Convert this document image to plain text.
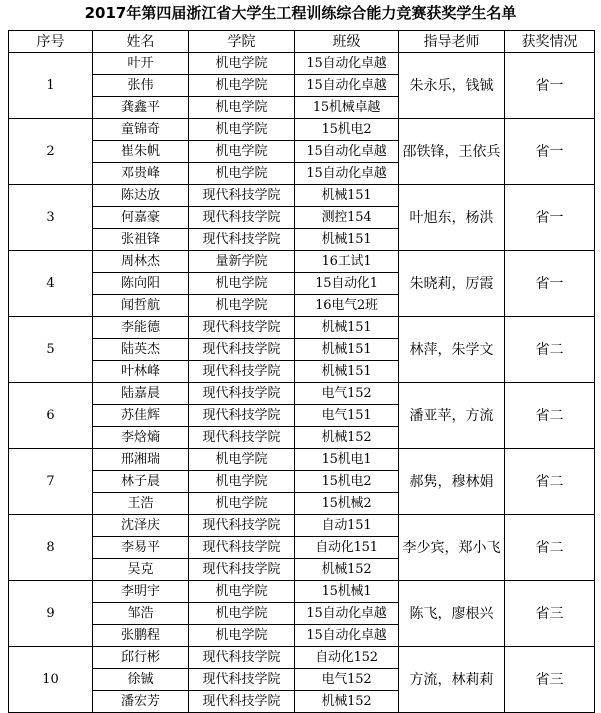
2017年第四届浙江省大学生工程训练综合能力竞赛获奖学生名单
序号	姓名	学院	班级	指导老师	获奖情况
1	叶开	机电学院	15自动化卓越	朱永乐，钱铖	省一
	张伟	机电学院	15自动化卓越		
	龚鑫平	机电学院	15机械卓越		
2	童锦奇	机电学院	15机电2	邵铁锋，王依兵	省一
	崔朱帆	机电学院	15自动化卓越		
	邓贵峰	机电学院	15自动化卓越		
3	陈达放	现代科技学院	机械151	叶旭东，杨洪	省一
	何嘉豪	现代科技学院	测控154		
	张祖锋	现代科技学院	机械151		
4	周林杰	量新学院	16工试1	朱晓莉，厉霞	省一
	陈向阳	机电学院	15自动化1		
	闻哲航	机电学院	16电气2班		
5	李能德	现代科技学院	机械151	林萍，朱学文	省二
	陆英杰	现代科技学院	机械151		
	叶林峰	现代科技学院	机械151		
6	陆嘉晨	现代科技学院	电气152	潘亚苹，方流	省二
	苏佳辉	现代科技学院	电气151		
	李焓熵	现代科技学院	机械152		
7	邢湘瑞	机电学院	15机电1	郝隽，穆林娟	省二
	林子晨	机电学院	15机电2		
	王浩	机电学院	15机械2		
8	沈泽庆	现代科技学院	自动151	李少宾，郑小飞	省二
	李易平	现代科技学院	自动化151		
	吴克	现代科技学院	机械152		
9	李明宇	机电学院	15机械1	陈飞，廖根兴	省三
	邹浩	机电学院	15自动化卓越		
	张鹏程	机电学院	15自动化卓越		
10	邱行彬	现代科技学院	自动化152	方流，林莉莉	省三
	徐铖	现代科技学院	电气152		
	潘宏芳	现代科技学院	机械152		
